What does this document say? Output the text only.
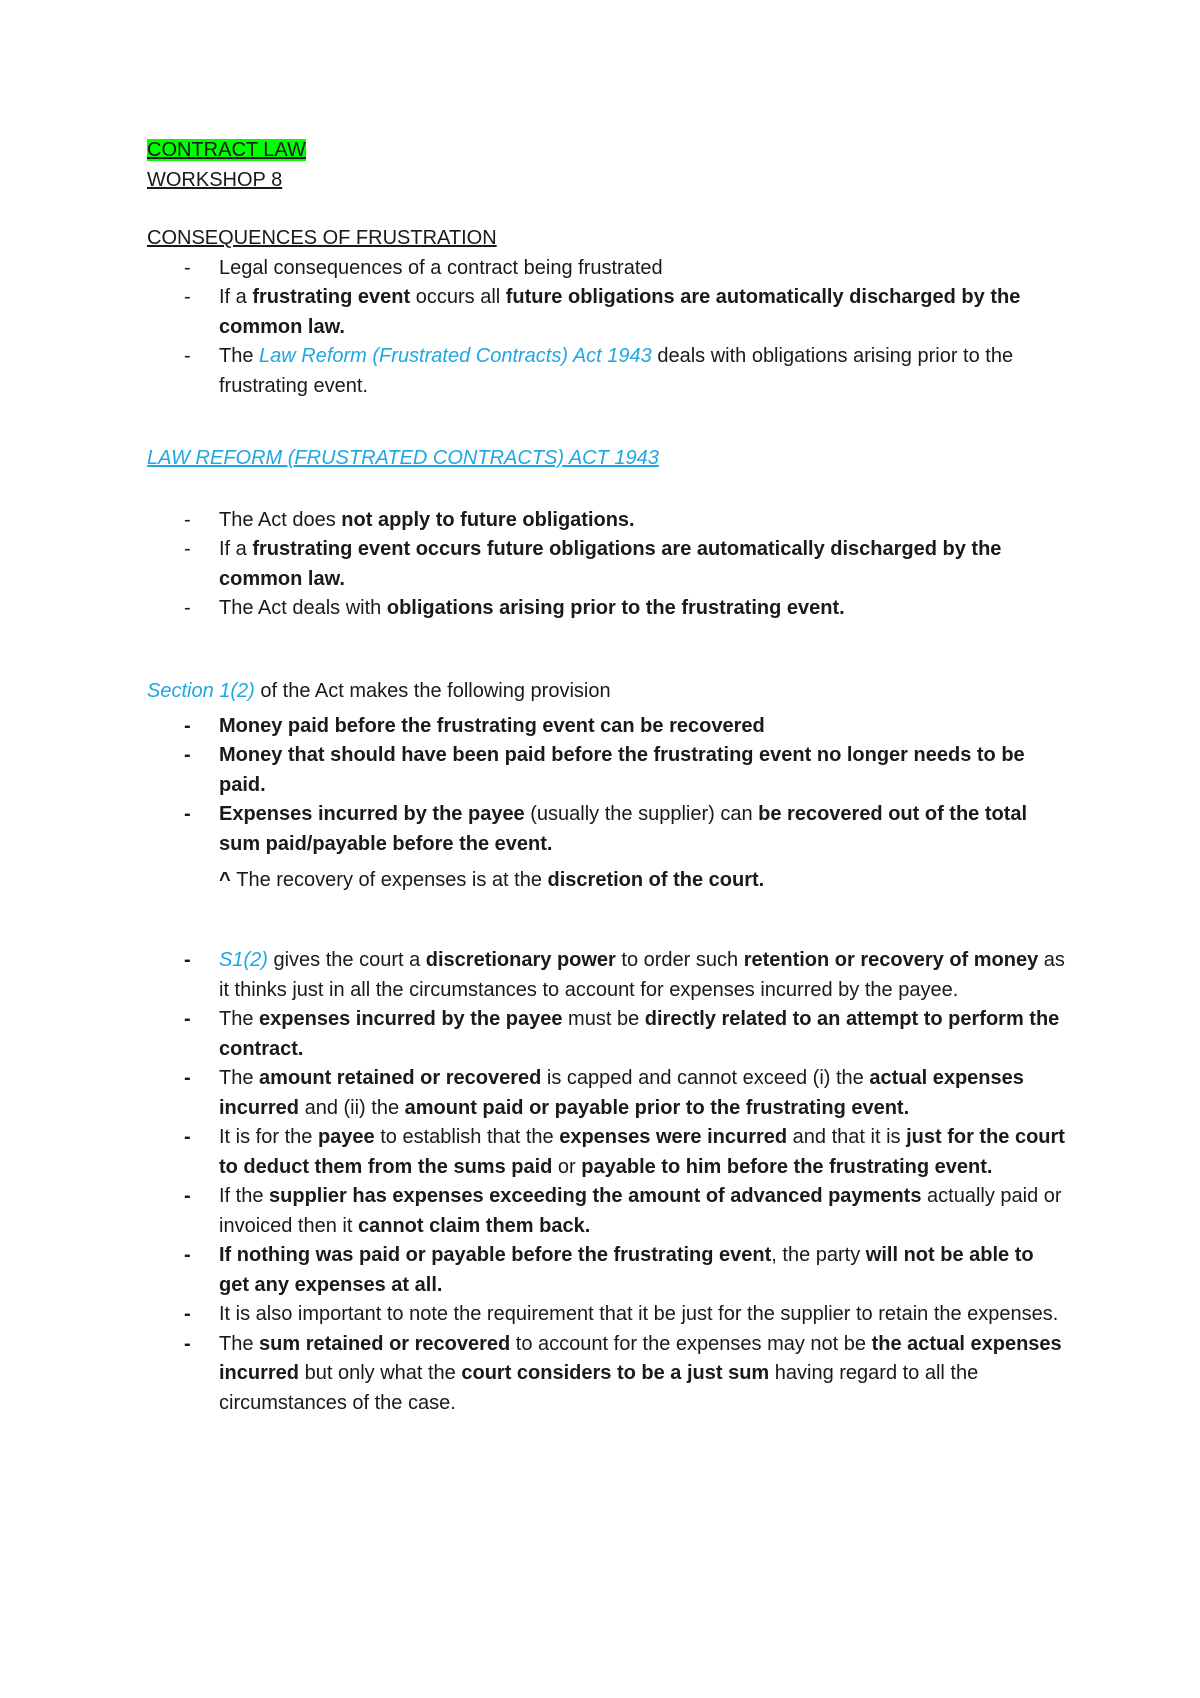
CONTRACT LAW
WORKSHOP 8
CONSEQUENCES OF FRUSTRATION
- Legal consequences of a contract being frustrated
- If a frustrating event occurs all future obligations are automatically discharged by the common law.
- The Law Reform (Frustrated Contracts) Act 1943 deals with obligations arising prior to the frustrating event.
LAW REFORM (FRUSTRATED CONTRACTS) ACT 1943
- The Act does not apply to future obligations.
- If a frustrating event occurs future obligations are automatically discharged by the common law.
- The Act deals with obligations arising prior to the frustrating event.
Section 1(2) of the Act makes the following provision
- Money paid before the frustrating event can be recovered
- Money that should have been paid before the frustrating event no longer needs to be paid.
- Expenses incurred by the payee (usually the supplier) can be recovered out of the total sum paid/payable before the event.
^ The recovery of expenses is at the discretion of the court.
- S1(2) gives the court a discretionary power to order such retention or recovery of money as it thinks just in all the circumstances to account for expenses incurred by the payee.
- The expenses incurred by the payee must be directly related to an attempt to perform the contract.
- The amount retained or recovered is capped and cannot exceed (i) the actual expenses incurred and (ii) the amount paid or payable prior to the frustrating event.
- It is for the payee to establish that the expenses were incurred and that it is just for the court to deduct them from the sums paid or payable to him before the frustrating event.
- If the supplier has expenses exceeding the amount of advanced payments actually paid or invoiced then it cannot claim them back.
- If nothing was paid or payable before the frustrating event, the party will not be able to get any expenses at all.
- It is also important to note the requirement that it be just for the supplier to retain the expenses.
- The sum retained or recovered to account for the expenses may not be the actual expenses incurred but only what the court considers to be a just sum having regard to all the circumstances of the case.
